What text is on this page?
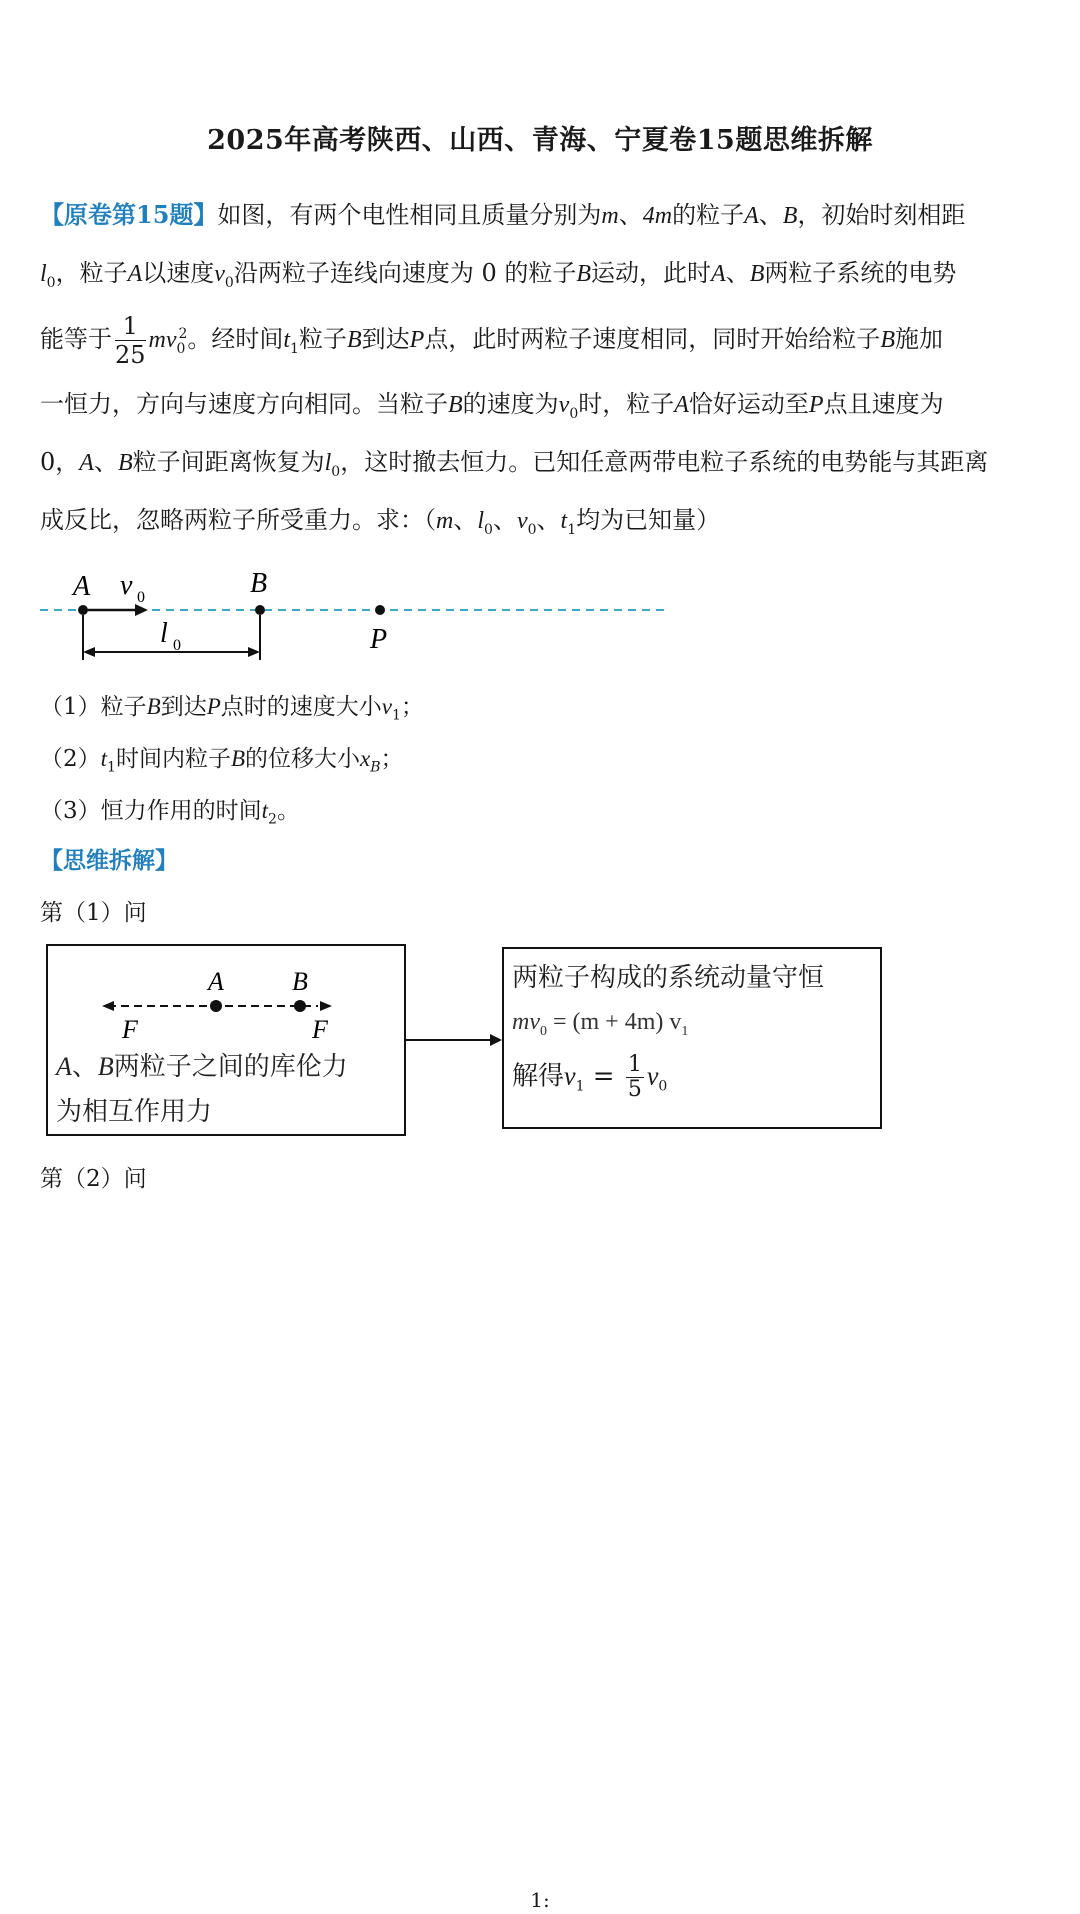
2025年高考陕西、山西、青海、宁夏卷15题思维拆解
【原卷第15题】如图，有两个电性相同且质量分别为m、4m的粒子A、B，初始时刻相距
$l_0$，粒子A以速度$v_0$沿两粒子连线向速度为 0 的粒子B运动，此时A、B两粒子系统的电势
能等于 $\frac{1}{25} mv_0^2$。经时间$t_1$粒子B到达P点，此时两粒子速度相同，同时开始给粒子B施加
一恒力，方向与速度方向相同。当粒子B的速度为$v_0$时，粒子A恰好运动至P点且速度为
0，A、B粒子间距离恢复为$l_0$，这时撤去恒力。已知任意两带电粒子系统的电势能与其距离
成反比，忽略两粒子所受重力。求：（m、$l_0$、$v_0$、$t_1$均为已知量）
A	B
P
v 0
l 0
（1）粒子B到达P点时的速度大小$v_1$；
$(2)t_1$时间内粒子B的位移大小$x_B$；
（3）恒力作用的时间$t_2$。
【思维拆解】
第（1）问
A	B
F	F
A、B两粒子之间的库伦力
为相互作用力
两粒子构成的系统动量守恒
$mv_0 = (m + 4m)$ $v_1$
解得$v_1 = \frac{1}{5} v_0$
第（2）问
1:
